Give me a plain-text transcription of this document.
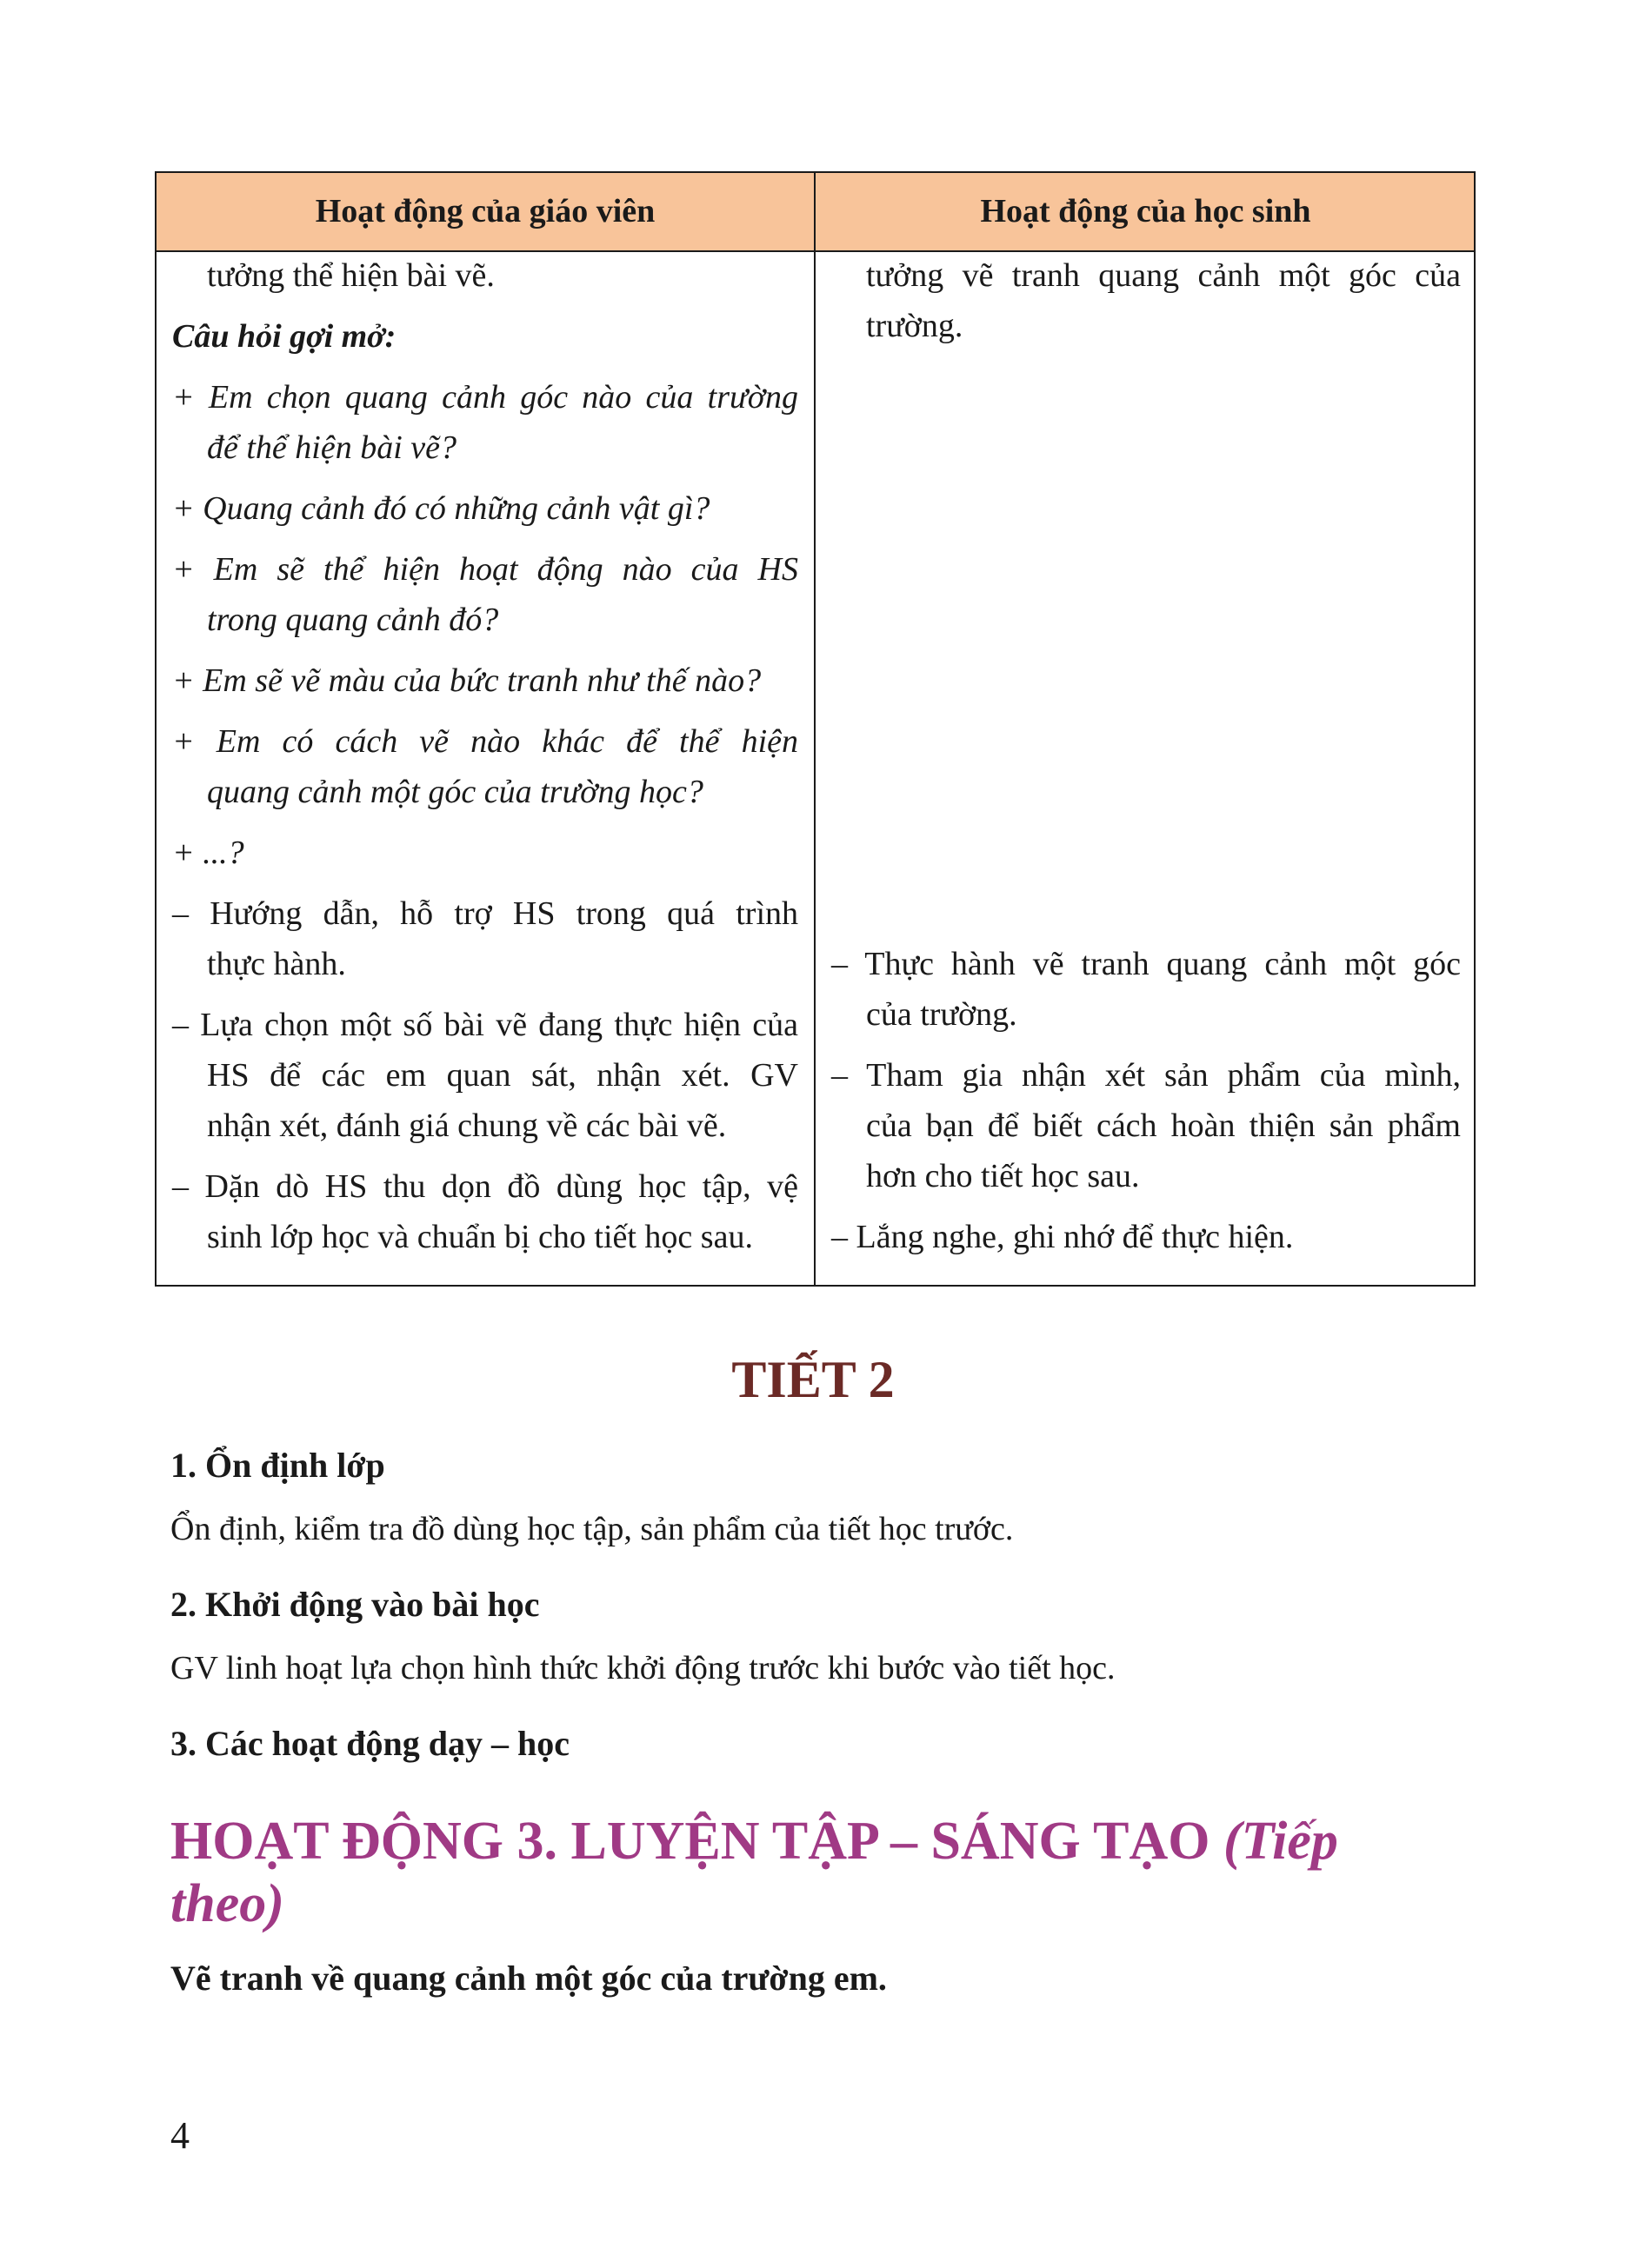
Hoạt động của giáo viên	Hoạt động của học sinh
tưởng thể hiện bài vẽ.
Câu hỏi gợi mở:
+ Em chọn quang cảnh góc nào của trường
để thể hiện bài vẽ?
+ Quang cảnh đó có những cảnh vật gì?
+ Em sẽ thể hiện hoạt động nào của HS
trong quang cảnh đó?
+ Em sẽ vẽ màu của bức tranh như thế nào?
+ Em có cách vẽ nào khác để thể hiện
quang cảnh một góc của trường học?
+ ...?
– Hướng dẫn, hỗ trợ HS trong quá trình
thực hành.
– Lựa chọn một số bài vẽ đang thực hiện của
HS để các em quan sát, nhận xét. GV
nhận xét, đánh giá chung về các bài vẽ.
– Dặn dò HS thu dọn đồ dùng học tập, vệ
sinh lớp học và chuẩn bị cho tiết học sau.
tưởng vẽ tranh quang cảnh một góc của
trường.
– Thực hành vẽ tranh quang cảnh một góc
của trường.
– Tham gia nhận xét sản phẩm của mình,
của bạn để biết cách hoàn thiện sản phẩm
hơn cho tiết học sau.
– Lắng nghe, ghi nhớ để thực hiện.
TIẾT 2
1. Ổn định lớp
Ổn định, kiểm tra đồ dùng học tập, sản phẩm của tiết học trước.
2. Khởi động vào bài học
GV linh hoạt lựa chọn hình thức khởi động trước khi bước vào tiết học.
3. Các hoạt động dạy – học
HOẠT ĐỘNG 3. LUYỆN TẬP – SÁNG TẠO (Tiếp
theo)
Vẽ tranh về quang cảnh một góc của trường em.
4
